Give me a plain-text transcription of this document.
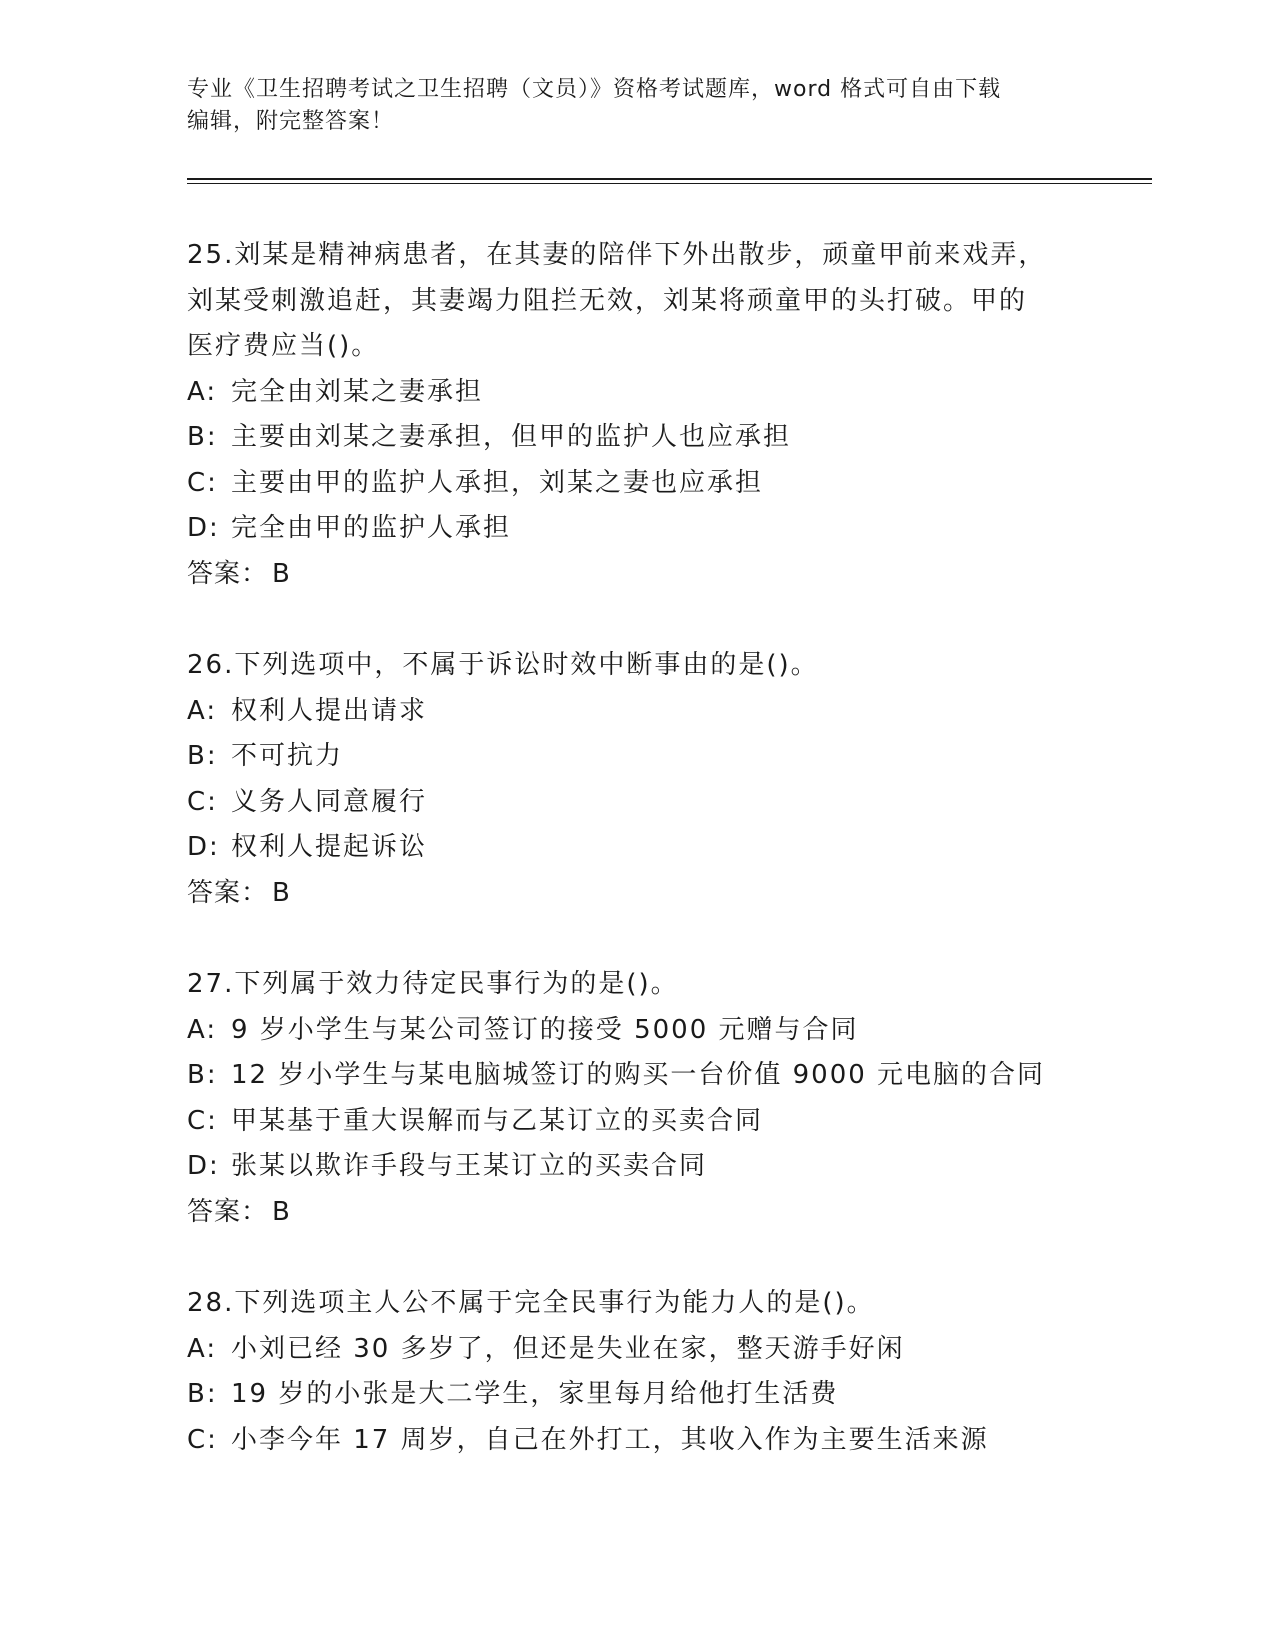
专业《卫生招聘考试之卫生招聘（文员）》资格考试题库，word 格式可自由下载
编辑，附完整答案！
25.刘某是精神病患者，在其妻的陪伴下外出散步，顽童甲前来戏弄，
刘某受刺激追赶，其妻竭力阻拦无效，刘某将顽童甲的头打破。甲的
医疗费应当()。
A: 完全由刘某之妻承担
B: 主要由刘某之妻承担，但甲的监护人也应承担
C: 主要由甲的监护人承担，刘某之妻也应承担
D: 完全由甲的监护人承担
答案： B
26.下列选项中，不属于诉讼时效中断事由的是()。
A: 权利人提出请求
B: 不可抗力
C: 义务人同意履行
D: 权利人提起诉讼
答案： B
27.下列属于效力待定民事行为的是()。
A: 9 岁小学生与某公司签订的接受 5000 元赠与合同
B: 12 岁小学生与某电脑城签订的购买一台价值 9000 元电脑的合同
C: 甲某基于重大误解而与乙某订立的买卖合同
D: 张某以欺诈手段与王某订立的买卖合同
答案： B
28.下列选项主人公不属于完全民事行为能力人的是()。
A: 小刘已经 30 多岁了，但还是失业在家，整天游手好闲
B: 19 岁的小张是大二学生，家里每月给他打生活费
C: 小李今年 17 周岁，自己在外打工，其收入作为主要生活来源
